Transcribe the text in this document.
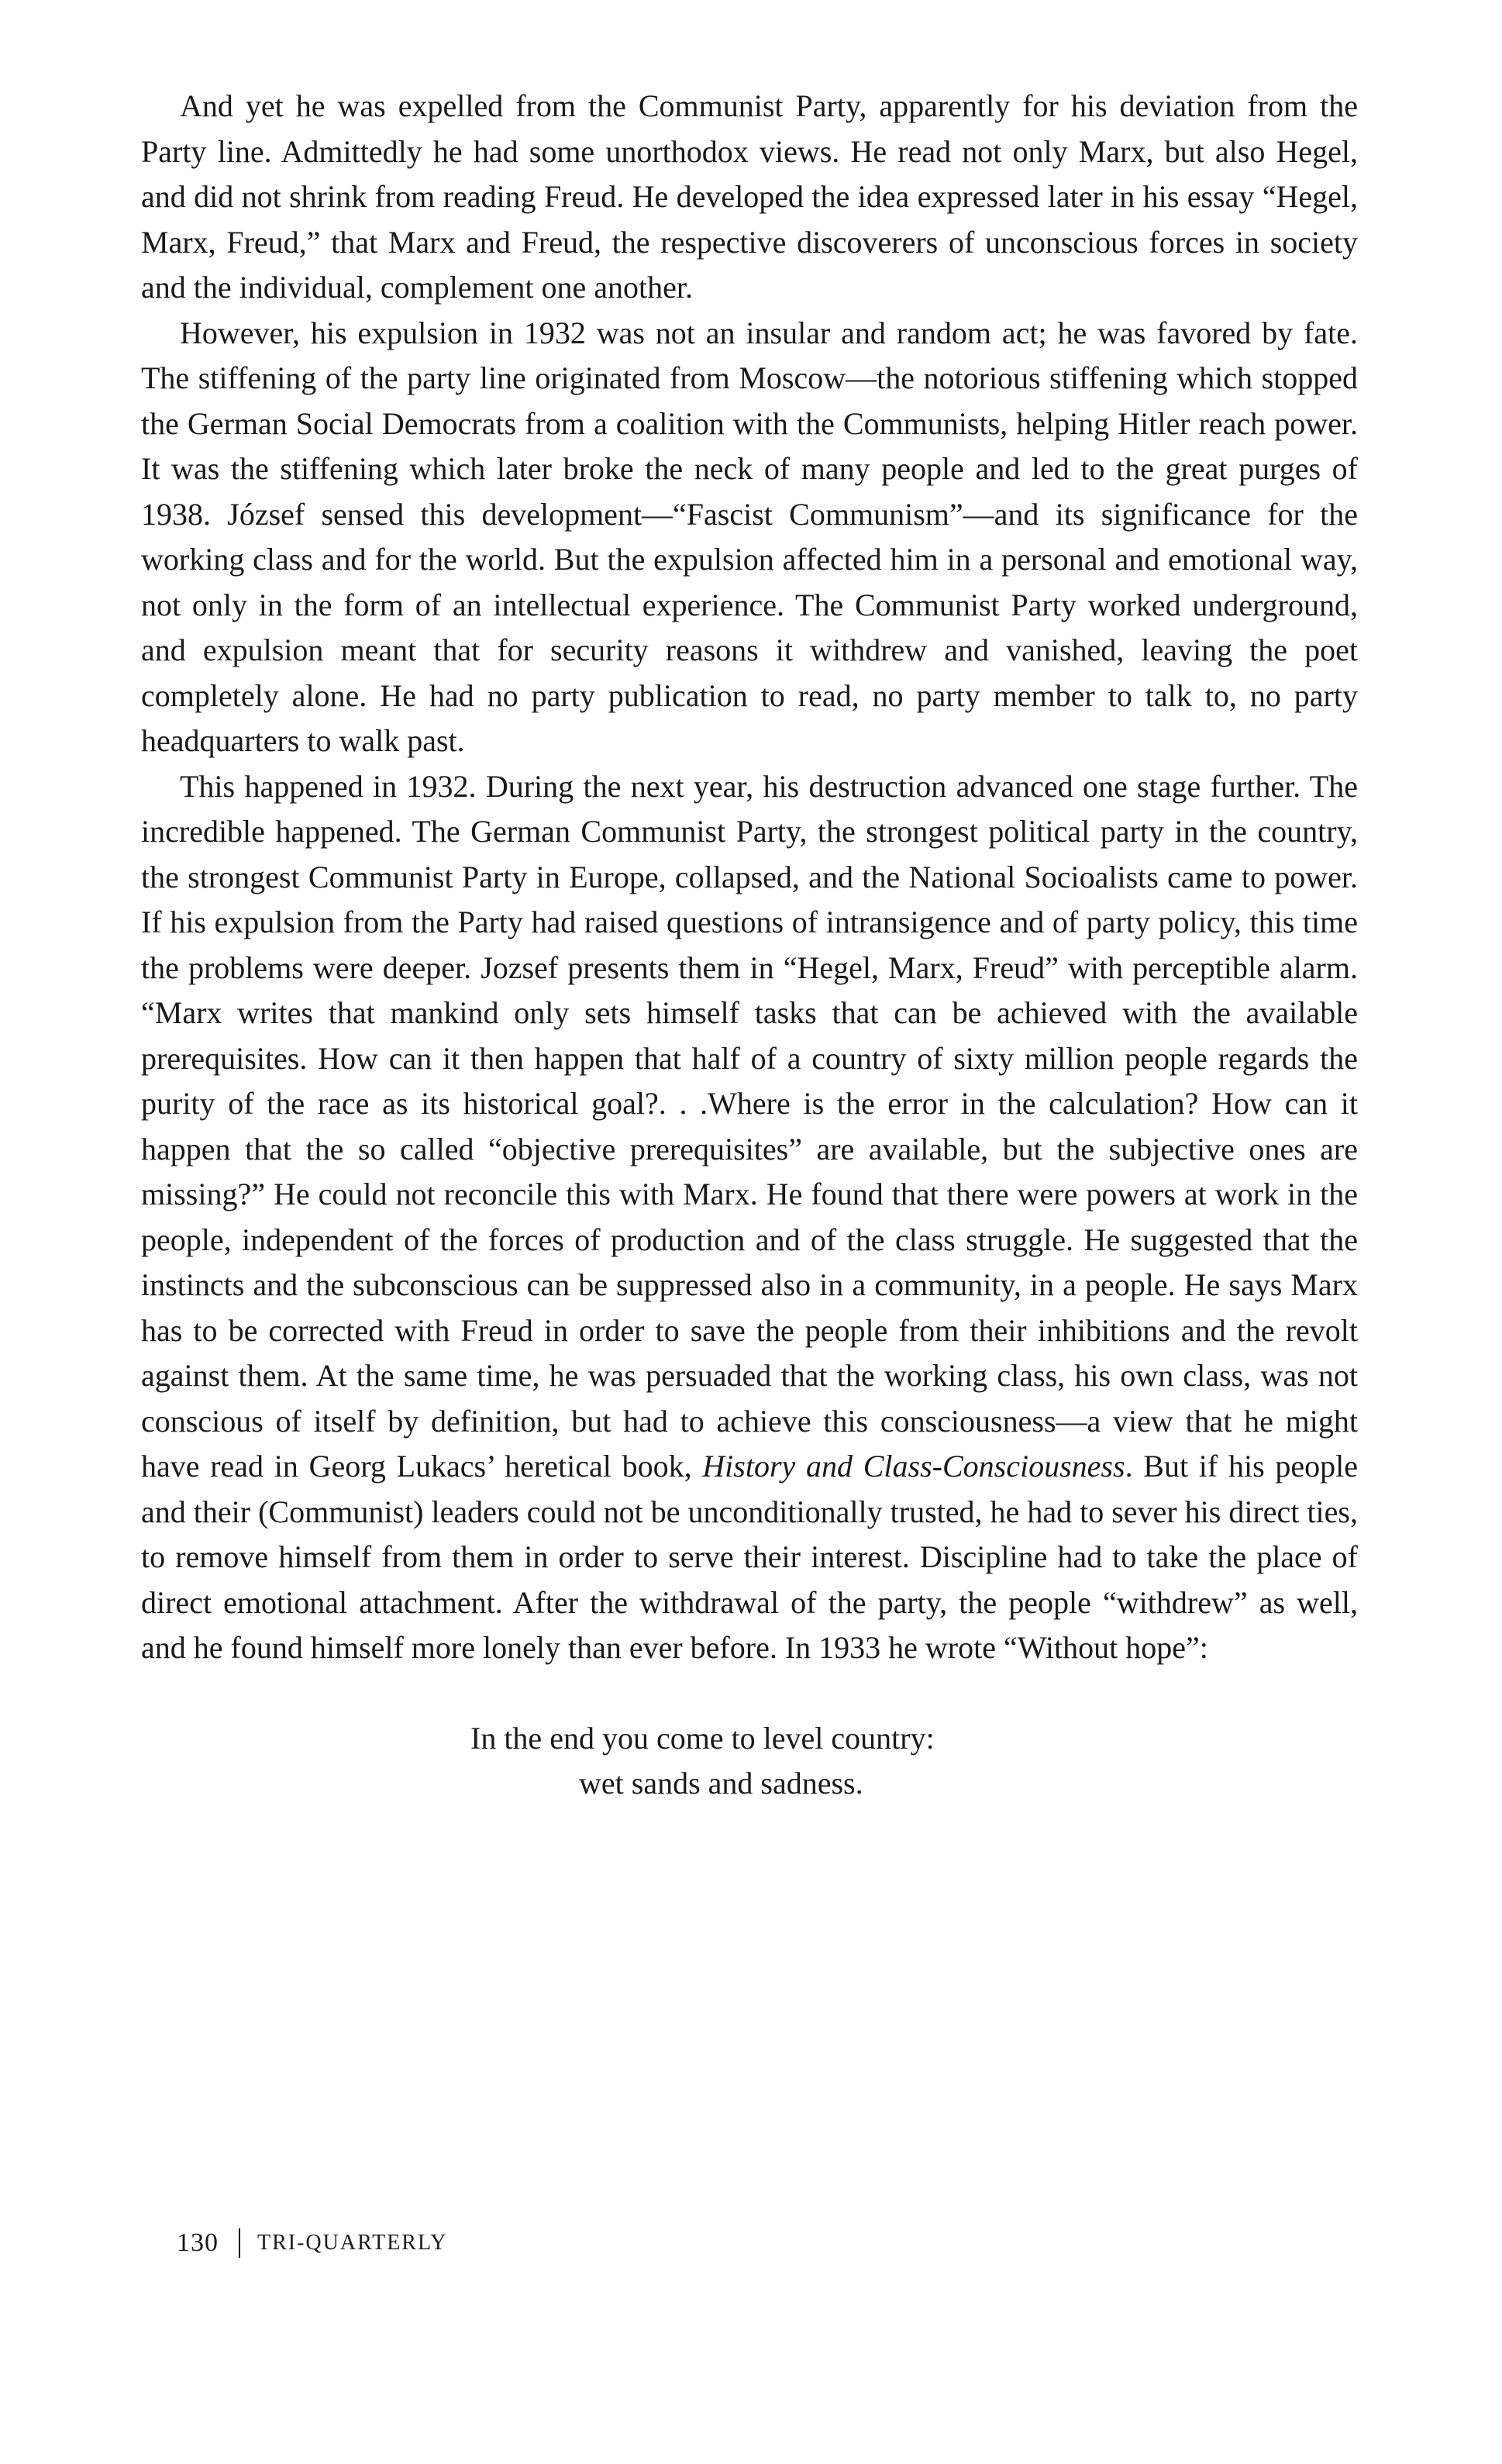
And yet he was expelled from the Communist Party, apparently for his deviation from the Party line. Admittedly he had some unorthodox views. He read not only Marx, but also Hegel, and did not shrink from reading Freud. He developed the idea expressed later in his essay “Hegel, Marx, Freud,” that Marx and Freud, the respective discoverers of unconscious forces in society and the individual, complement one another.

However, his expulsion in 1932 was not an insular and random act; he was favored by fate. The stiffening of the party line originated from Moscow—the notorious stiffening which stopped the German Social Democrats from a coalition with the Communists, helping Hitler reach power. It was the stiffening which later broke the neck of many people and led to the great purges of 1938. József sensed this development—“Fascist Communism”—and its significance for the working class and for the world. But the expulsion affected him in a personal and emotional way, not only in the form of an intellectual experience. The Communist Party worked underground, and expulsion meant that for security reasons it withdrew and vanished, leaving the poet completely alone. He had no party publication to read, no party member to talk to, no party headquarters to walk past.

This happened in 1932. During the next year, his destruction advanced one stage further. The incredible happened. The German Communist Party, the strongest political party in the country, the strongest Communist Party in Europe, collapsed, and the National Socioalists came to power. If his expulsion from the Party had raised questions of intransigence and of party policy, this time the problems were deeper. Jozsef presents them in “Hegel, Marx, Freud” with perceptible alarm. “Marx writes that mankind only sets himself tasks that can be achieved with the available prerequisites. How can it then happen that half of a country of sixty million people regards the purity of the race as its historical goal?. . .Where is the error in the calculation? How can it happen that the so called “objective prerequisites” are available, but the subjective ones are missing?” He could not reconcile this with Marx. He found that there were powers at work in the people, independent of the forces of production and of the class struggle. He suggested that the instincts and the subconscious can be suppressed also in a community, in a people. He says Marx has to be corrected with Freud in order to save the people from their inhibitions and the revolt against them. At the same time, he was persuaded that the working class, his own class, was not conscious of itself by definition, but had to achieve this consciousness—a view that he might have read in Georg Lukacs’ heretical book, History and Class-Consciousness. But if his people and their (Communist) leaders could not be unconditionally trusted, he had to sever his direct ties, to remove himself from them in order to serve their interest. Discipline had to take the place of direct emotional attachment. After the withdrawal of the party, the people “withdrew” as well, and he found himself more lonely than ever before. In 1933 he wrote “Without hope”:

In the end you come to level country:
wet sands and sadness.
130 TRI-QUARTERLY
